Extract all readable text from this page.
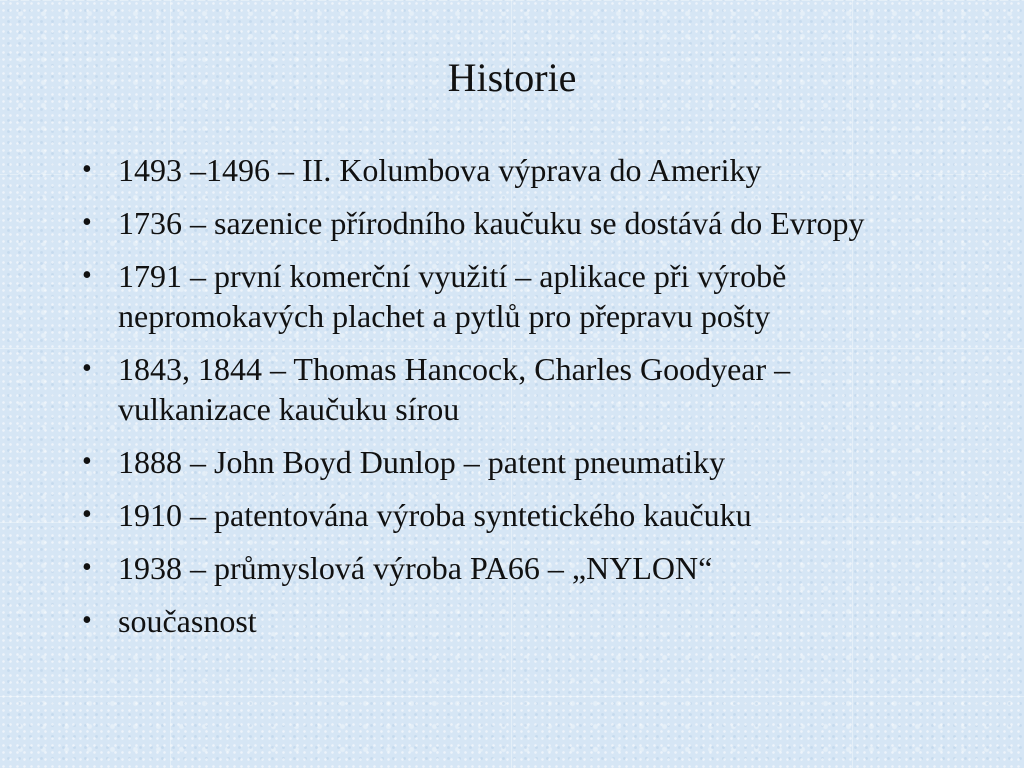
Historie
• 1493 –1496 – II. Kolumbova výprava do Ameriky
• 1736 – sazenice přírodního kaučuku se dostává do Evropy
• 1791 – první komerční využití – aplikace při výrobě nepromokavých plachet a pytlů pro přepravu pošty
• 1843, 1844 – Thomas Hancock, Charles Goodyear – vulkanizace kaučuku sírou
• 1888 – John Boyd Dunlop – patent pneumatiky
• 1910 – patentována výroba syntetického kaučuku
• 1938 – průmyslová výroba PA66 – „NYLON“
• současnost
